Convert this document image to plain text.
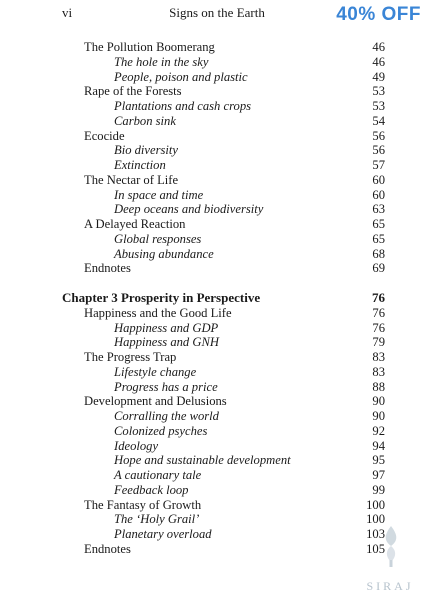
vi	Signs on the Earth	40% OFF
The Pollution Boomerang	46
The hole in the sky	46
People, poison and plastic	49
Rape of the Forests	53
Plantations and cash crops	53
Carbon sink	54
Ecocide	56
Bio diversity	56
Extinction	57
The Nectar of Life	60
In space and time	60
Deep oceans and biodiversity	63
A Delayed Reaction	65
Global responses	65
Abusing abundance	68
Endnotes	69
Chapter 3 Prosperity in Perspective	76
Happiness and the Good Life	76
Happiness and GDP	76
Happiness and GNH	79
The Progress Trap	83
Lifestyle change	83
Progress has a price	88
Development and Delusions	90
Corralling the world	90
Colonized psyches	92
Ideology	94
Hope and sustainable development	95
A cautionary tale	97
Feedback loop	99
The Fantasy of Growth	100
The ‘Holy Grail’	100
Planetary overload	103
Endnotes	105
SIRAJ
